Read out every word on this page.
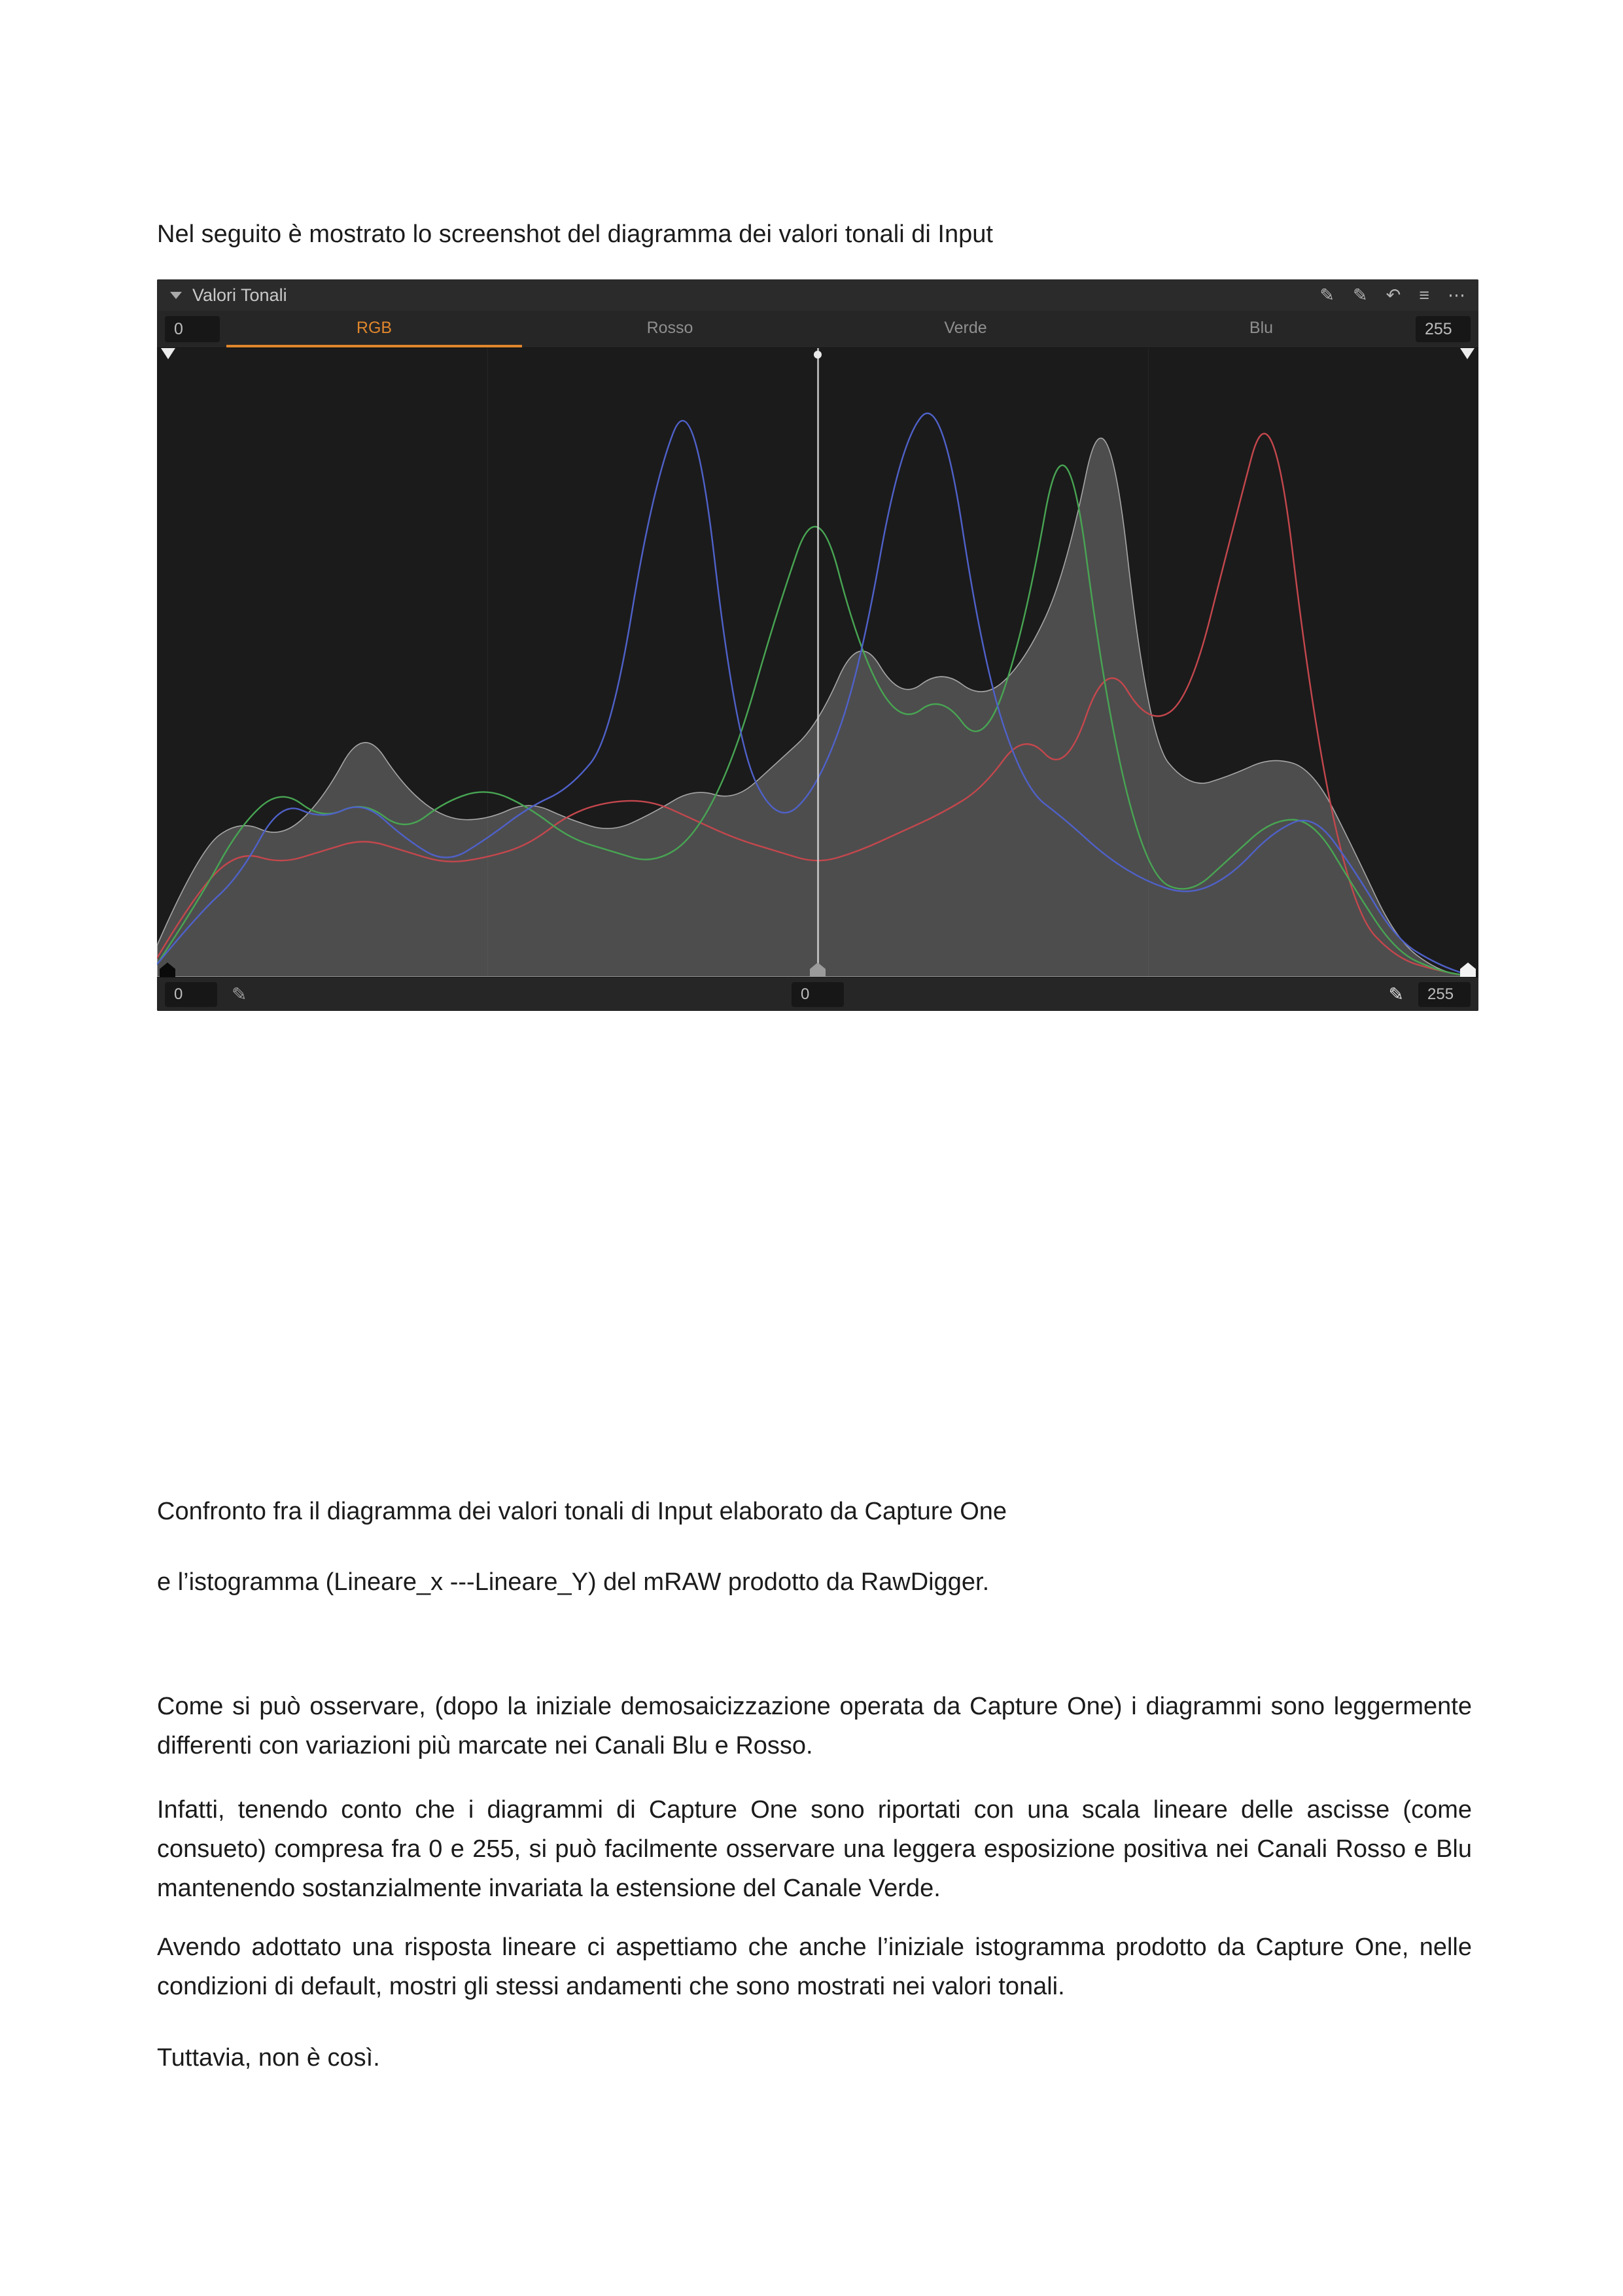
Nel seguito è mostrato lo screenshot del diagramma dei valori tonali di Input
Valori Tonali	✎ ✎ ↶ ≡ ⋯
0	RGB	Rosso	Verde	Blu	255
0	✎	0	✎	255
Confronto fra il diagramma dei valori tonali di Input elaborato da Capture One
e l’istogramma (Lineare_x ---Lineare_Y) del mRAW prodotto da RawDigger.
Come si può osservare, (dopo la iniziale demosaicizzazione operata da Capture One) i diagrammi sono leggermente differenti con variazioni più marcate nei Canali Blu e Rosso.
Infatti, tenendo conto che i diagrammi di Capture One sono riportati con una scala lineare delle ascisse (come consueto) compresa fra 0 e 255, si può facilmente osservare una leggera esposizione positiva nei Canali Rosso e Blu mantenendo sostanzialmente invariata la estensione del Canale Verde.
Avendo adottato una risposta lineare ci aspettiamo che anche l’iniziale istogramma prodotto da Capture One, nelle condizioni di default, mostri gli stessi andamenti che sono mostrati nei valori tonali.
Tuttavia, non è così.
